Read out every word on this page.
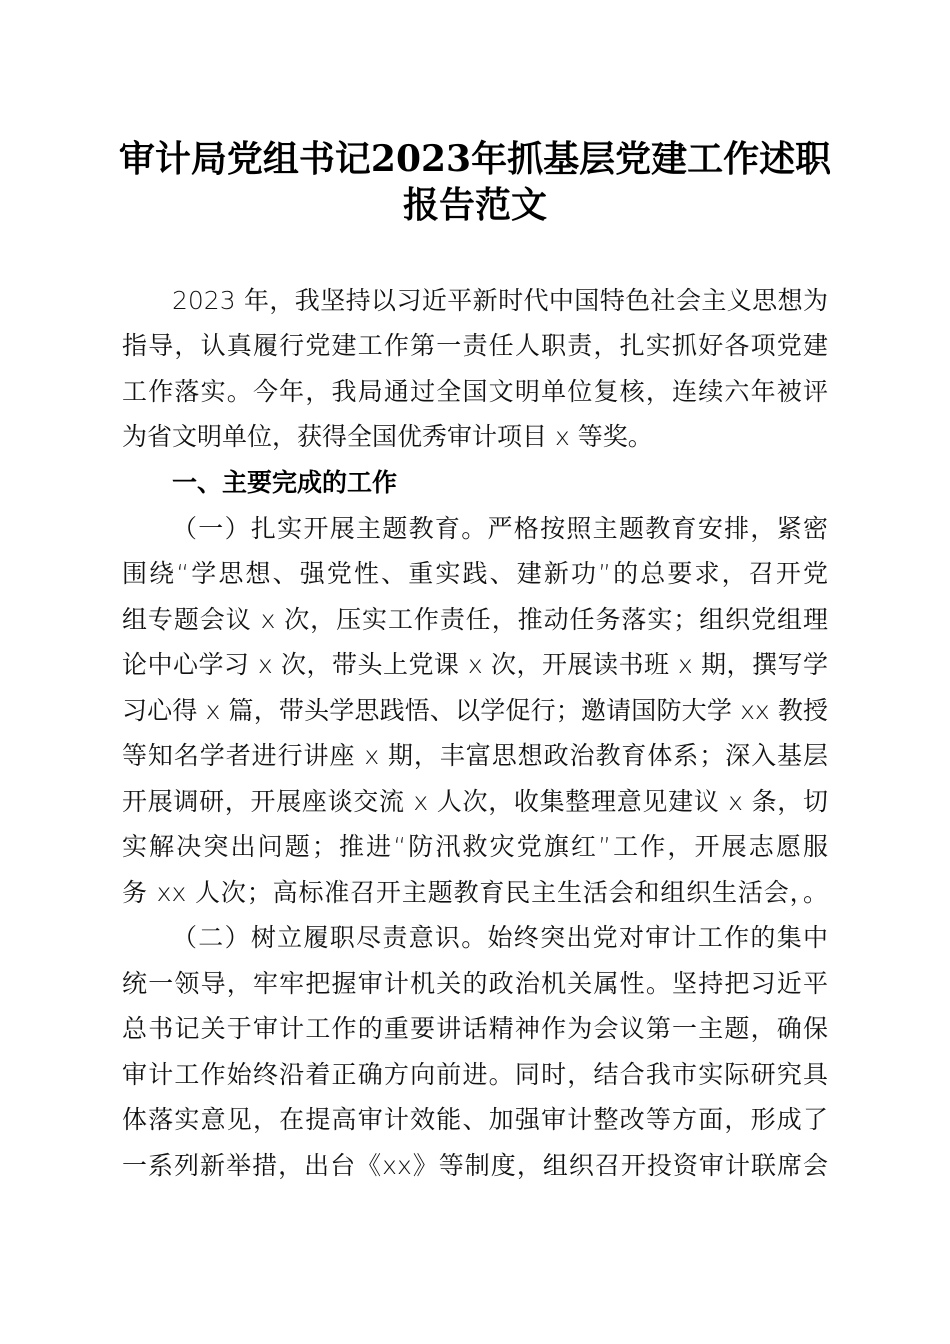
审计局党组书记2023年抓基层党建工作述职
报告范文
2023 年，我坚持以习近平新时代中国特色社会主义思想为
指导，认真履行党建工作第一责任人职责，扎实抓好各项党建
工作落实。今年，我局通过全国文明单位复核，连续六年被评
为省文明单位，获得全国优秀审计项目 x 等奖。
一、主要完成的工作
（一）扎实开展主题教育。严格按照主题教育安排，紧密
围绕“学思想、强党性、重实践、建新功”的总要求，召开党
组专题会议 x 次，压实工作责任，推动任务落实；组织党组理
论中心学习 x 次，带头上党课 x 次，开展读书班 x 期，撰写学
习心得 x 篇，带头学思践悟、以学促行；邀请国防大学 xx 教授
等知名学者进行讲座 x 期，丰富思想政治教育体系；深入基层
开展调研，开展座谈交流 x 人次，收集整理意见建议 x 条，切
实解决突出问题；推进“防汛救灾党旗红”工作，开展志愿服
务 xx 人次；高标准召开主题教育民主生活会和组织生活会，。
（二）树立履职尽责意识。始终突出党对审计工作的集中
统一领导，牢牢把握审计机关的政治机关属性。坚持把习近平
总书记关于审计工作的重要讲话精神作为会议第一主题，确保
审计工作始终沿着正确方向前进。同时，结合我市实际研究具
体落实意见，在提高审计效能、加强审计整改等方面，形成了
一系列新举措，出台《xx》等制度，组织召开投资审计联席会
